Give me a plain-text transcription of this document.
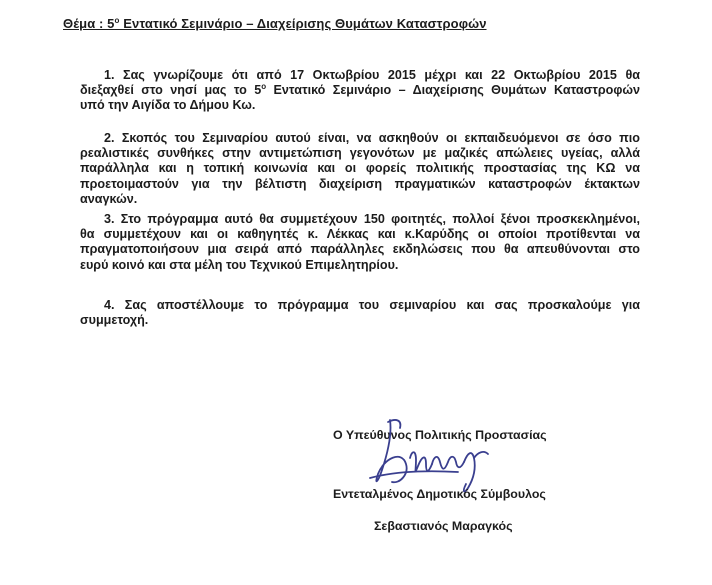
Θέμα : $5^o$ Εντατικό Σεμινάριο – Διαχείρισης Θυμάτων Καταστροφών
1. Σας γνωρίζουμε ότι από 17 Οκτωβρίου 2015 μέχρι και 22 Οκτωβρίου 2015 θα
διεξαχθεί στο νησί μας το $5^o$ Εντατικό Σεμινάριο – Διαχείρισης Θυμάτων Καταστροφών
υπό την Αιγίδα το Δήμου Κω.
2. Σκοπός του Σεμιναρίου αυτού είναι, να ασκηθούν οι εκπαιδευόμενοι σε όσο πιο
ρεαλιστικές συνθήκες στην αντιμετώπιση γεγονότων με μαζικές απώλειες υγείας, αλλά
παράλληλα και η τοπική κοινωνία και οι φορείς πολιτικής προστασίας της ΚΩ να
προετοιμαστούν για την βέλτιστη διαχείριση πραγματικών καταστροφών έκτακτων
αναγκών.
3. Στο πρόγραμμα αυτό θα συμμετέχουν 150 φοιτητές, πολλοί ξένοι προσκεκλημένοι,
θα συμμετέχουν και οι καθηγητές κ. Λέκκας και κ.Καρύδης οι οποίοι προτίθενται να
πραγματοποιήσουν μια σειρά από παράλληλες εκδηλώσεις που θα απευθύνονται στο
ευρύ κοινό και στα μέλη του Τεχνικού Επιμελητηρίου.
4. Σας αποστέλλουμε το πρόγραμμα του σεμιναρίου και σας προσκαλούμε για
συμμετοχή.
Ο Υπεύθυνος Πολιτικής Προστασίας
Εντεταλμένος Δημοτικός Σύμβουλος
Σεβαστιανός Μαραγκός
